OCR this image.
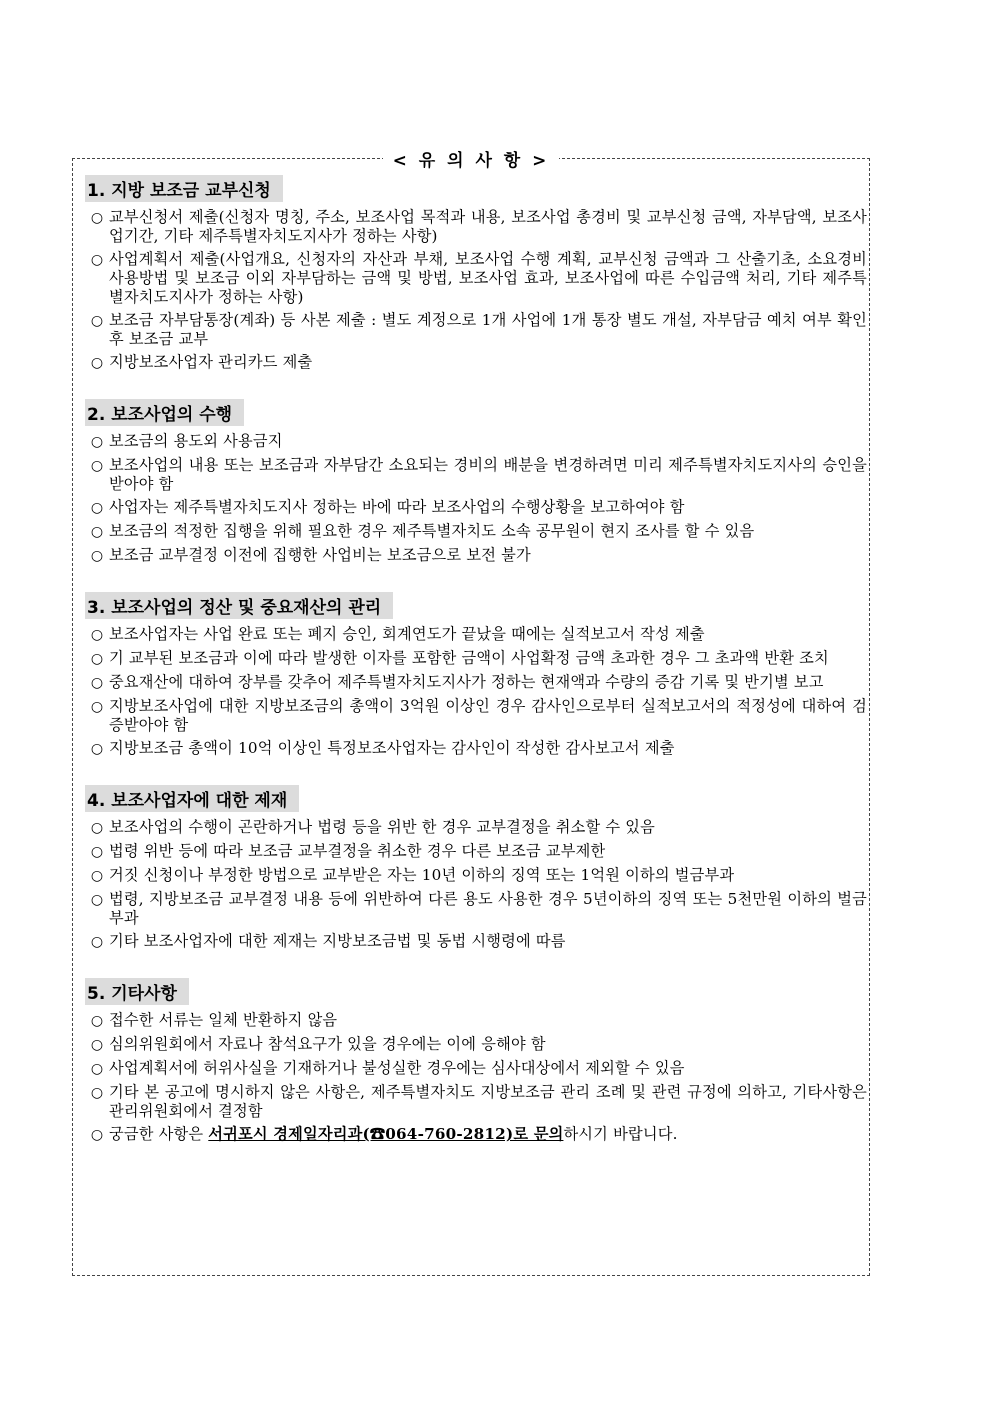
< 유 의 사 항 >
1. 지방 보조금 교부신청
○ 교부신청서 제출(신청자 명칭, 주소, 보조사업 목적과 내용, 보조사업 총경비 및 교부신청 금액, 자부담액, 보조사업기간, 기타 제주특별자치도지사가 정하는 사항)
○ 사업계획서 제출(사업개요, 신청자의 자산과 부채, 보조사업 수행 계획, 교부신청 금액과 그 산출기초, 소요경비 사용방법 및 보조금 이외 자부담하는 금액 및 방법, 보조사업 효과, 보조사업에 따른 수입금액 처리, 기타 제주특별자치도지사가 정하는 사항)
○ 보조금 자부담통장(계좌) 등 사본 제출 : 별도 계정으로 1개 사업에 1개 통장 별도 개설, 자부담금 예치 여부 확인 후 보조금 교부
○ 지방보조사업자 관리카드 제출
2. 보조사업의 수행
○ 보조금의 용도외 사용금지
○ 보조사업의 내용 또는 보조금과 자부담간 소요되는 경비의 배분을 변경하려면 미리 제주특별자치도지사의 승인을 받아야 함
○ 사업자는 제주특별자치도지사 정하는 바에 따라 보조사업의 수행상황을 보고하여야 함
○ 보조금의 적정한 집행을 위해 필요한 경우 제주특별자치도 소속 공무원이 현지 조사를 할 수 있음
○ 보조금 교부결정 이전에 집행한 사업비는 보조금으로 보전 불가
3. 보조사업의 정산 및 중요재산의 관리
○ 보조사업자는 사업 완료 또는 폐지 승인, 회계연도가 끝났을 때에는 실적보고서 작성 제출
○ 기 교부된 보조금과 이에 따라 발생한 이자를 포함한 금액이 사업확정 금액 초과한 경우 그 초과액 반환 조치
○ 중요재산에 대하여 장부를 갖추어 제주특별자치도지사가 정하는 현재액과 수량의 증감 기록 및 반기별 보고
○ 지방보조사업에 대한 지방보조금의 총액이 3억원 이상인 경우 감사인으로부터 실적보고서의 적정성에 대하여 검증받아야 함
○ 지방보조금 총액이 10억 이상인 특정보조사업자는 감사인이 작성한 감사보고서 제출
4. 보조사업자에 대한 제재
○ 보조사업의 수행이 곤란하거나 법령 등을 위반 한 경우 교부결정을 취소할 수 있음
○ 법령 위반 등에 따라 보조금 교부결정을 취소한 경우 다른 보조금 교부제한
○ 거짓 신청이나 부정한 방법으로 교부받은 자는 10년 이하의 징역 또는 1억원 이하의 벌금부과
○ 법령, 지방보조금 교부결정 내용 등에 위반하여 다른 용도 사용한 경우 5년이하의 징역 또는 5천만원 이하의 벌금 부과
○ 기타 보조사업자에 대한 제재는 지방보조금법 및 동법 시행령에 따름
5. 기타사항
○ 접수한 서류는 일체 반환하지 않음
○ 심의위원회에서 자료나 참석요구가 있을 경우에는 이에 응해야 함
○ 사업계획서에 허위사실을 기재하거나 불성실한 경우에는 심사대상에서 제외할 수 있음
○ 기타 본 공고에 명시하지 않은 사항은, 제주특별자치도 지방보조금 관리 조례 및 관련 규정에 의하고, 기타사항은 관리위원회에서 결정함
○ 궁금한 사항은 서귀포시 경제일자리과(☎064-760-2812)로 문의하시기 바랍니다.
